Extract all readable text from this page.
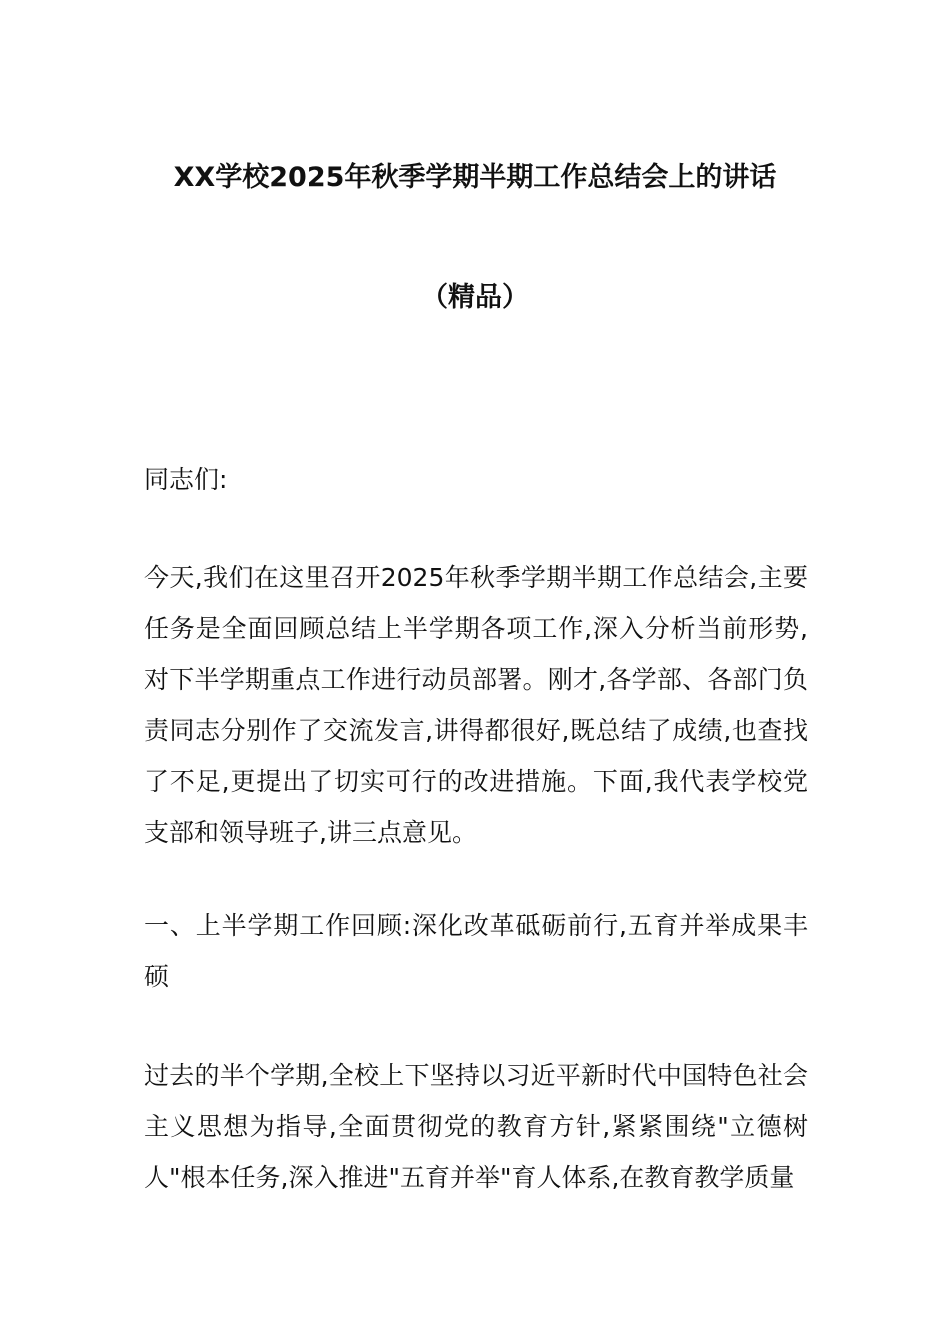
XX学校2025年秋季学期半期工作总结会上的讲话
（精品）

同志们:

今天,我们在这里召开2025年秋季学期半期工作总结会,主要任务是全面回顾总结上半学期各项工作,深入分析当前形势,对下半学期重点工作进行动员部署。刚才,各学部、各部门负责同志分别作了交流发言,讲得都很好,既总结了成绩,也查找了不足,更提出了切实可行的改进措施。下面,我代表学校党支部和领导班子,讲三点意见。

一、上半学期工作回顾:深化改革砥砺前行,五育并举成果丰硕

过去的半个学期,全校上下坚持以习近平新时代中国特色社会主义思想为指导,全面贯彻党的教育方针,紧紧围绕"立德树人"根本任务,深入推进"五育并举"育人体系,在教育教学质量
